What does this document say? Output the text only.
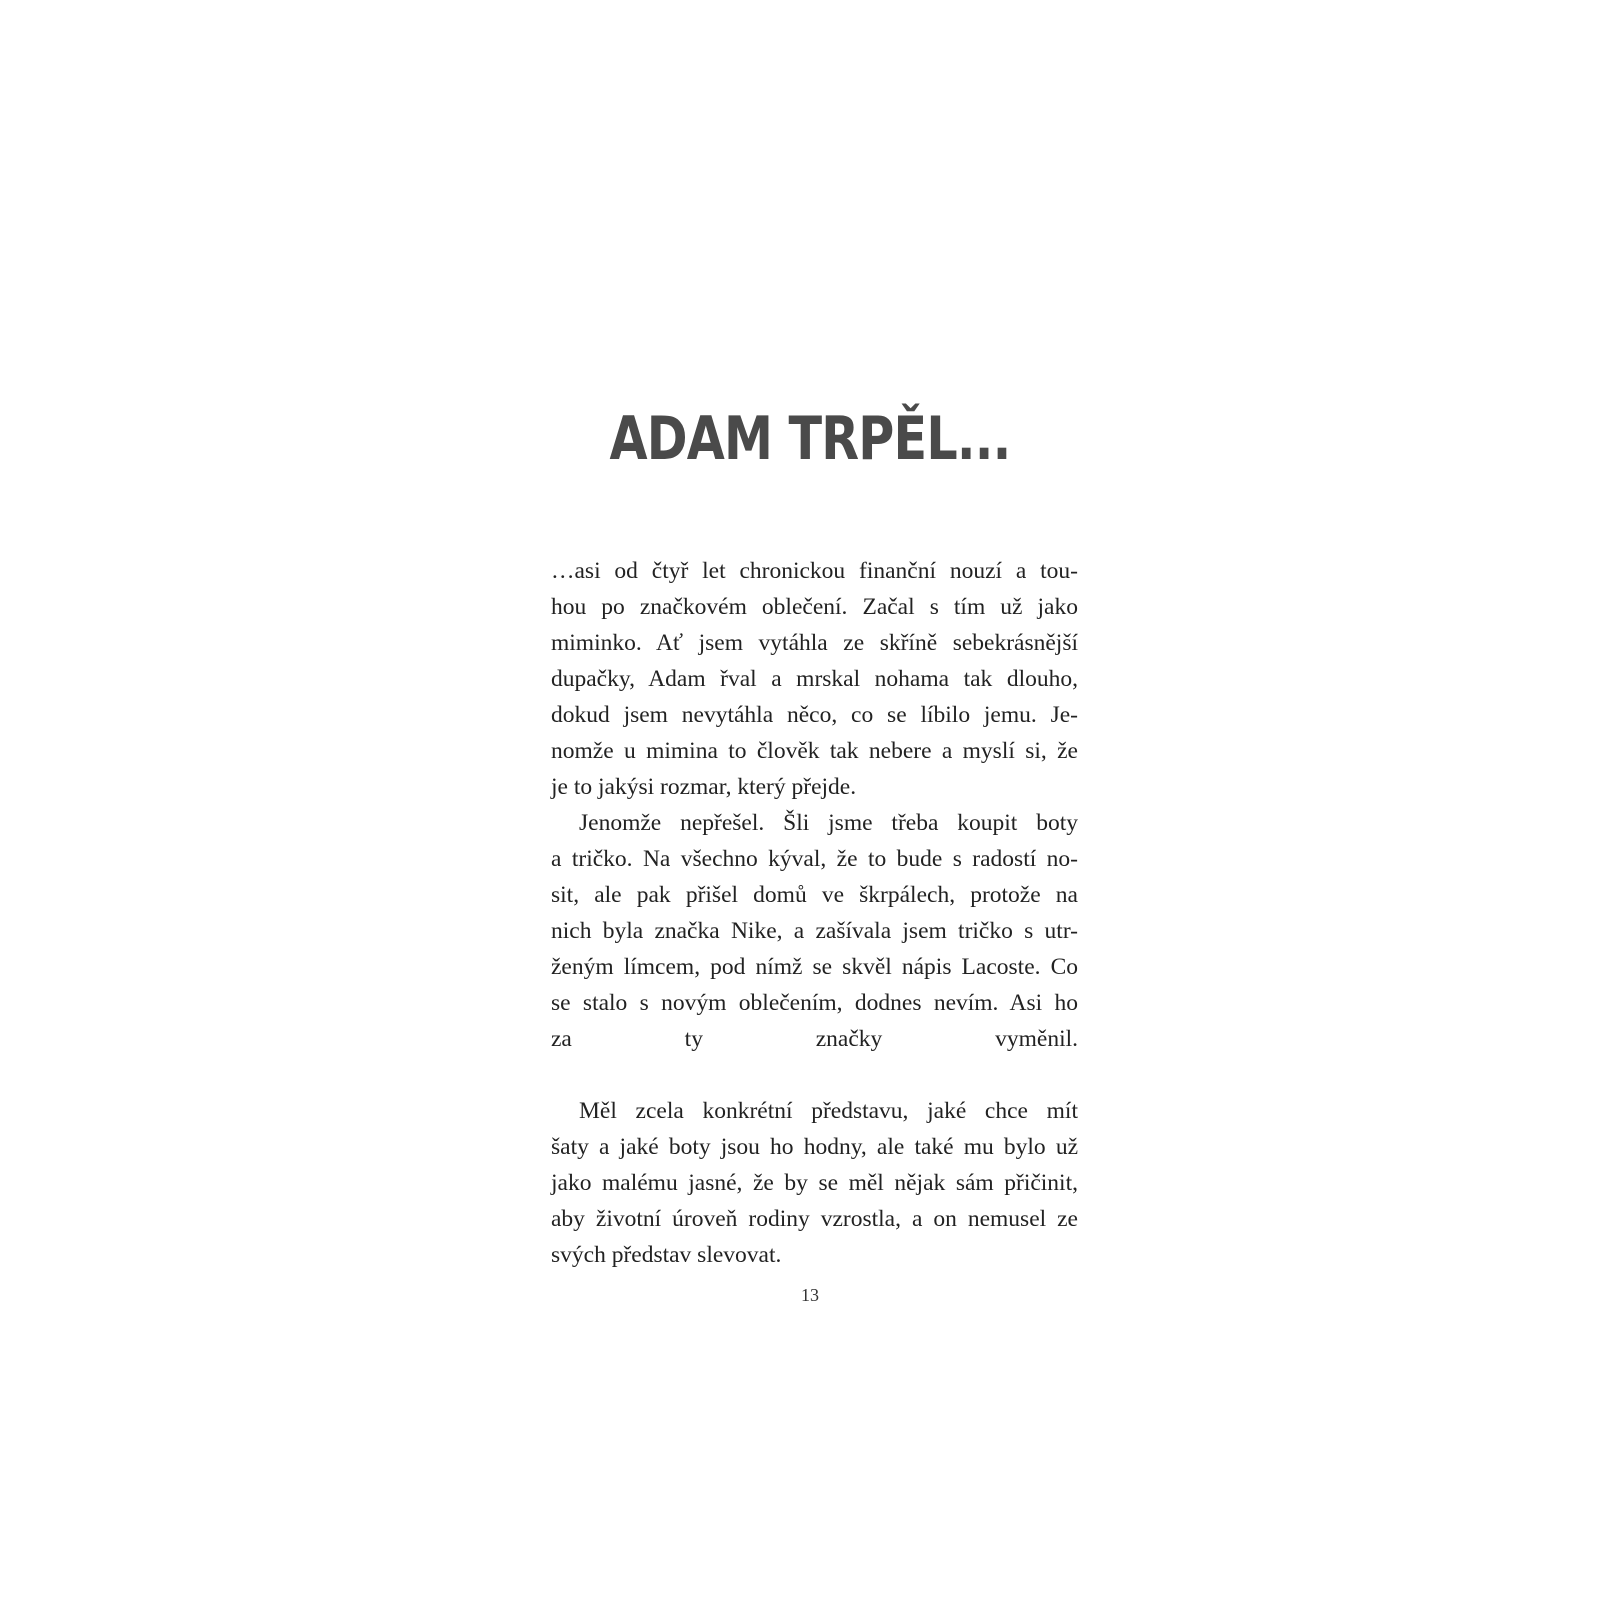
ADAM TRPĚL...

…asi od čtyř let chronickou finanční nouzí a tou-
hou po značkovém oblečení. Začal s tím už jako
miminko. Ať jsem vytáhla ze skříně sebekrásnější
dupačky, Adam řval a mrskal nohama tak dlouho,
dokud jsem nevytáhla něco, co se líbilo jemu. Je-
nomže u mimina to člověk tak nebere a myslí si, že
je to jakýsi rozmar, který přejde.

Jenomže nepřešel. Šli jsme třeba koupit boty
a tričko. Na všechno kýval, že to bude s radostí no-
sit, ale pak přišel domů ve škrpálech, protože na
nich byla značka Nike, a zašívala jsem tričko s utr-
ženým límcem, pod nímž se skvěl nápis Lacoste. Co
se stalo s novým oblečením, dodnes nevím. Asi ho
za ty značky vyměnil.

Měl zcela konkrétní představu, jaké chce mít
šaty a jaké boty jsou ho hodny, ale také mu bylo už
jako malému jasné, že by se měl nějak sám přičinit,
aby životní úroveň rodiny vzrostla, a on nemusel ze
svých představ slevovat.

13
